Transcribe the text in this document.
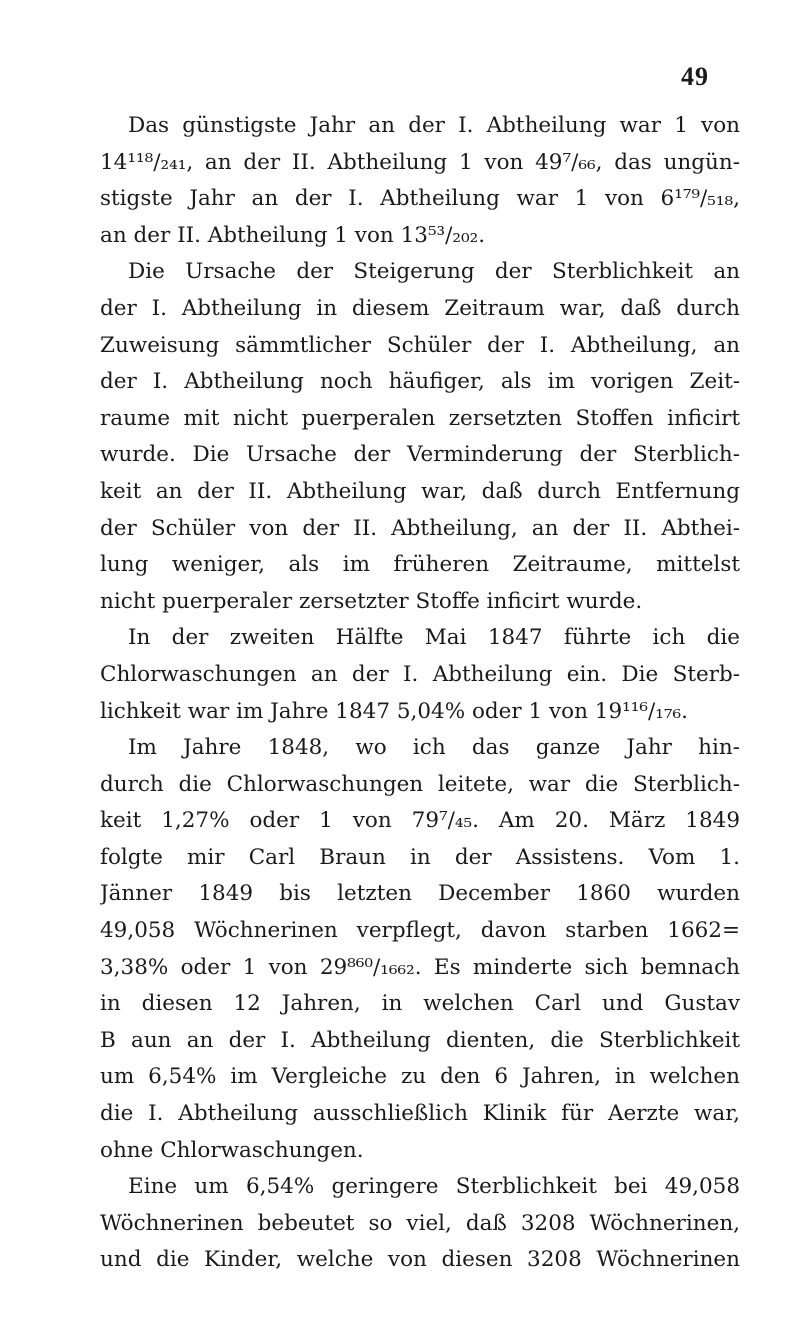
49
Das günstigste Jahr an der I. Abtheilung war 1 von
14¹¹⁸/₂₄₁, an der II. Abtheilung 1 von 49⁷/₆₆, das ungün-
stigste Jahr an der I. Abtheilung war 1 von 6¹⁷⁹/₅₁₈,
an der II. Abtheilung 1 von 13⁵³/₂₀₂.
Die Ursache der Steigerung der Sterblichkeit an
der I. Abtheilung in diesem Zeitraum war, daß durch
Zuweisung sämmtlicher Schüler der I. Abtheilung, an
der I. Abtheilung noch häufiger, als im vorigen Zeit-
raume mit nicht puerperalen zersetzten Stoffen inficirt
wurde. Die Ursache der Verminderung der Sterblich-
keit an der II. Abtheilung war, daß durch Entfernung
der Schüler von der II. Abtheilung, an der II. Abthei-
lung weniger, als im früheren Zeitraume, mittelst
nicht puerperaler zersetzter Stoffe inficirt wurde.
In der zweiten Hälfte Mai 1847 führte ich die
Chlorwaschungen an der I. Abtheilung ein. Die Sterb-
lichkeit war im Jahre 1847 5,04% oder 1 von 19¹¹⁶/₁₇₆.
Im Jahre 1848, wo ich das ganze Jahr hin-
durch die Chlorwaschungen leitete, war die Sterblich-
keit 1,27% oder 1 von 79⁷/₄₅. Am 20. März 1849
folgte mir Carl Braun in der Assistens. Vom 1.
Jänner 1849 bis letzten December 1860 wurden
49,058 Wöchnerinen verpflegt, davon starben 1662=
3,38% oder 1 von 29⁸⁶⁰/₁₆₆₂. Es minderte sich bemnach
in diesen 12 Jahren, in welchen Carl und Gustav
B aun an der I. Abtheilung dienten, die Sterblichkeit
um 6,54% im Vergleiche zu den 6 Jahren, in welchen
die I. Abtheilung ausschließlich Klinik für Aerzte war,
ohne Chlorwaschungen.
Eine um 6,54% geringere Sterblichkeit bei 49,058
Wöchnerinen bebeutet so viel, daß 3208 Wöchnerinen,
und die Kinder, welche von diesen 3208 Wöchnerinen
